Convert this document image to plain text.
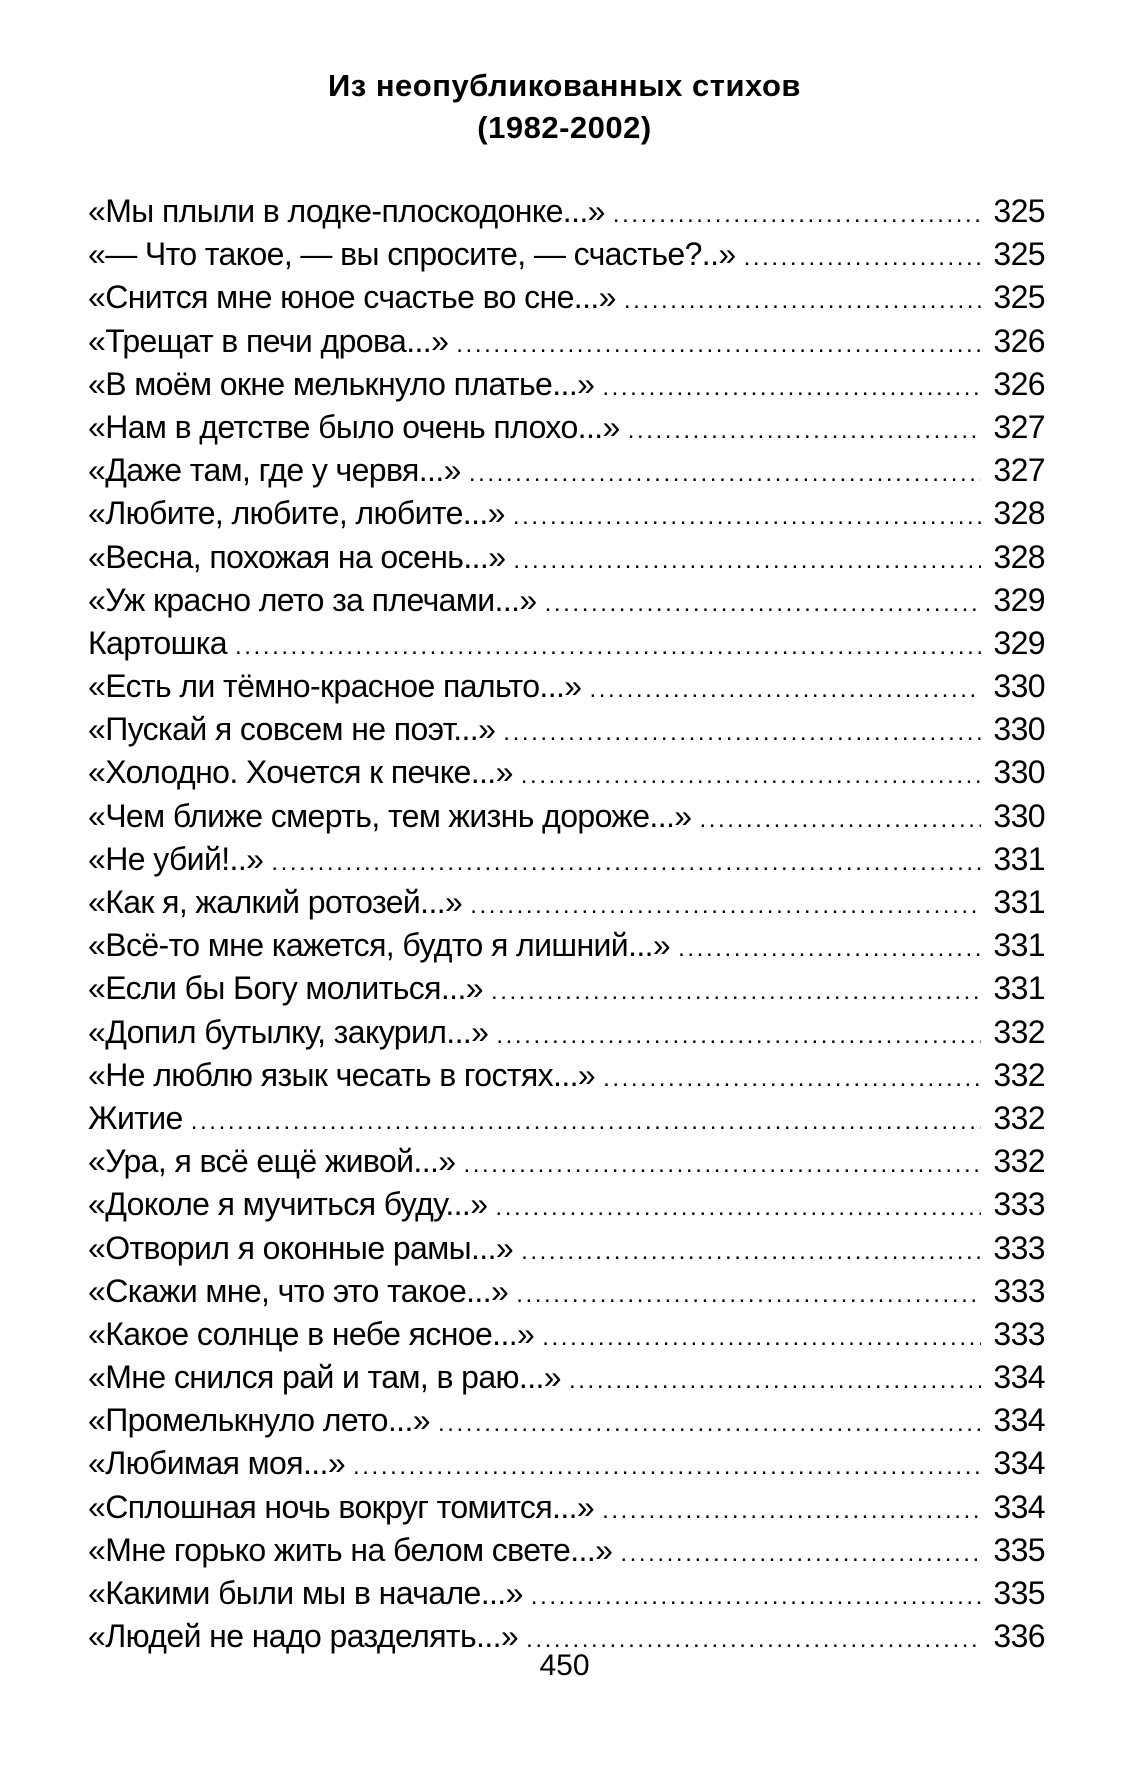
Из неопубликованных стихов
(1982-2002)
«Мы плыли в лодке-плоскодонке...» .....	325
«— Что такое, — вы спросите, — счастье?..» .....	325
«Снится мне юное счастье во сне...» .....	325
«Трещат в печи дрова...» .....	326
«В моём окне мелькнуло платье...» .....	326
«Нам в детстве было очень плохо...» .....	327
«Даже там, где у червя...» .....	327
«Любите, любите, любите...» .....	328
«Весна, похожая на осень...» .....	328
«Уж красно лето за плечами...» .....	329
Картошка .....	329
«Есть ли тёмно-красное пальто...» .....	330
«Пускай я совсем не поэт...» .....	330
«Холодно. Хочется к печке...» .....	330
«Чем ближе смерть, тем жизнь дороже...» .....	330
«Не убий!..» .....	331
«Как я, жалкий ротозей...» .....	331
«Всё-то мне кажется, будто я лишний...» .....	331
«Если бы Богу молиться...» .....	331
«Допил бутылку, закурил...» .....	332
«Не люблю язык чесать в гостях...» .....	332
Житие .....	332
«Ура, я всё ещё живой...» .....	332
«Доколе я мучиться буду...» .....	333
«Отворил я оконные рамы...» .....	333
«Скажи мне, что это такое...» .....	333
«Какое солнце в небе ясное...» .....	333
«Мне снился рай и там, в раю...» .....	334
«Промелькнуло лето...» .....	334
«Любимая моя...» .....	334
«Сплошная ночь вокруг томится...» .....	334
«Мне горько жить на белом свете...» .....	335
«Какими были мы в начале...» .....	335
«Людей не надо разделять...» .....	336
450
